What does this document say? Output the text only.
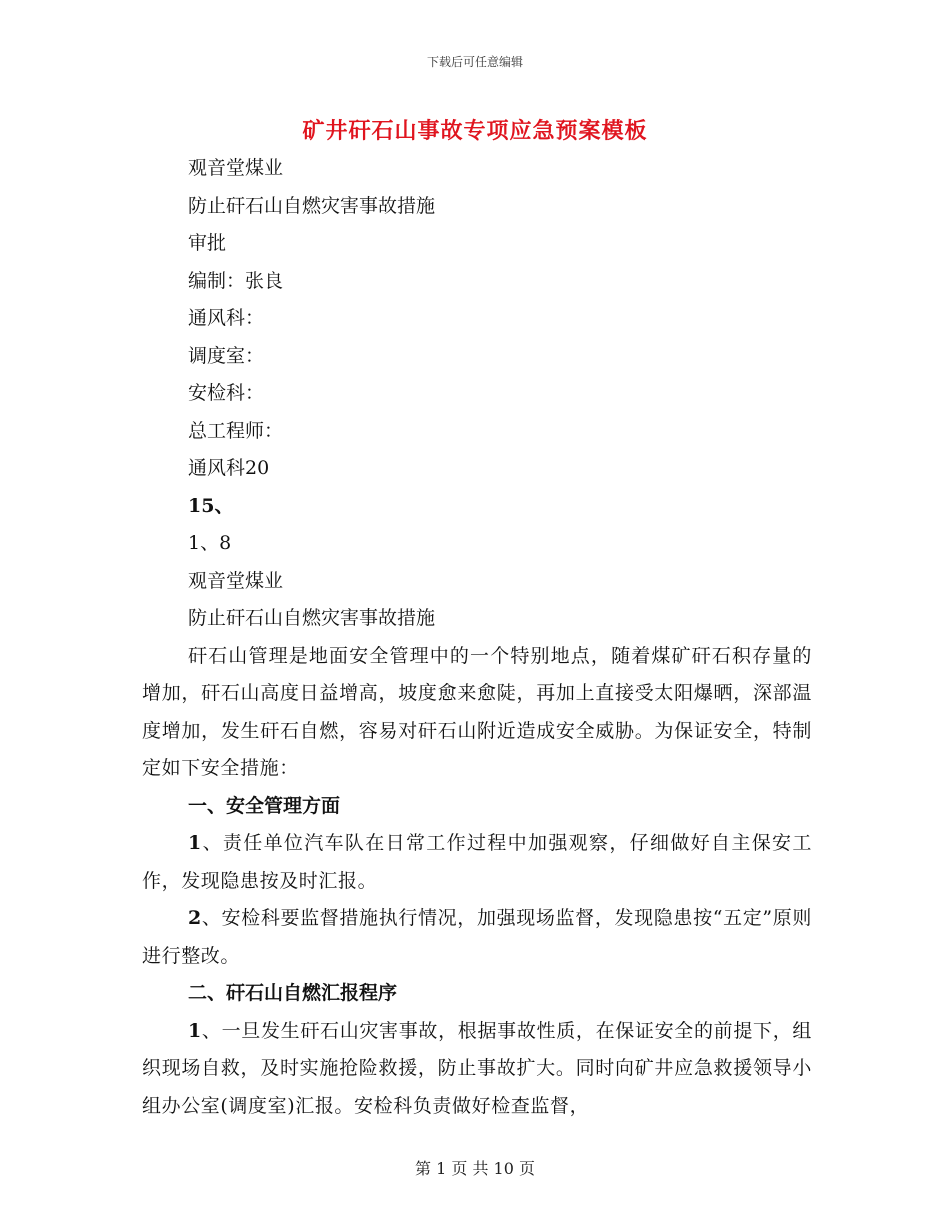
下载后可任意编辑
矿井矸石山事故专项应急预案模板
观音堂煤业
防止矸石山自燃灾害事故措施
审批
编制：张良
通风科：
调度室：
安检科：
总工程师：
通风科20
15、
1、8
观音堂煤业
防止矸石山自燃灾害事故措施
矸石山管理是地面安全管理中的一个特别地点，随着煤矿矸石积存量的增加，矸石山高度日益增高，坡度愈来愈陡，再加上直接受太阳爆晒，深部温度增加，发生矸石自燃，容易对矸石山附近造成安全威胁。为保证安全，特制定如下安全措施：
一、安全管理方面
1、责任单位汽车队在日常工作过程中加强观察，仔细做好自主保安工作，发现隐患按及时汇报。
2、安检科要监督措施执行情况，加强现场监督，发现隐患按“五定”原则进行整改。
二、矸石山自燃汇报程序
1、一旦发生矸石山灾害事故，根据事故性质，在保证安全的前提下，组织现场自救，及时实施抢险救援，防止事故扩大。同时向矿井应急救援领导小组办公室(调度室)汇报。安检科负责做好检查监督，
第 1 页 共 10 页
